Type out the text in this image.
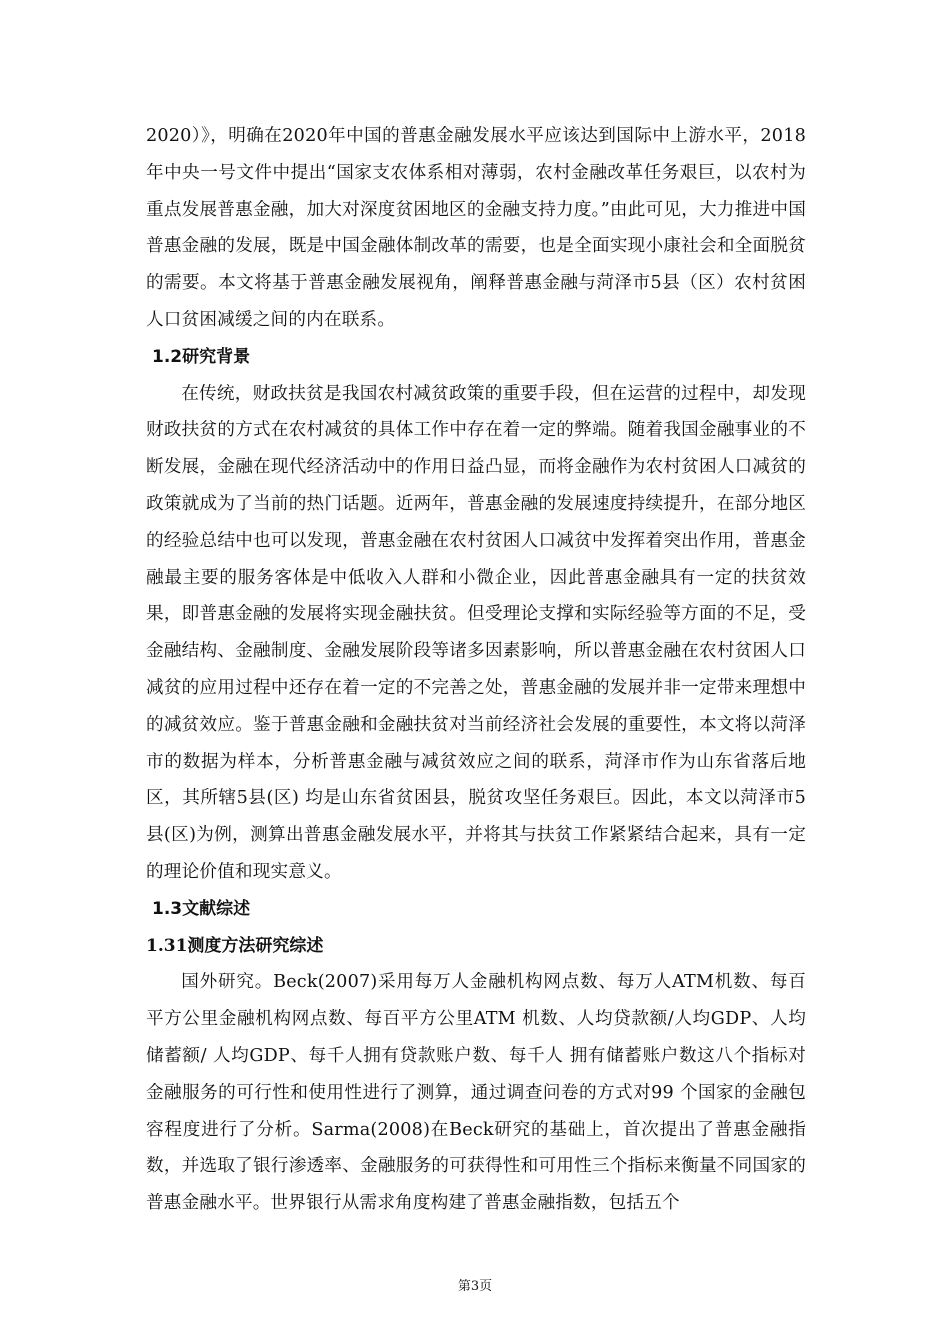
2020）》，明确在2020年中国的普惠金融发展水平应该达到国际中上游水平，2018年中央一号文件中提出“国家支农体系相对薄弱，农村金融改革任务艰巨，以农村为重点发展普惠金融，加大对深度贫困地区的金融支持力度。”由此可见，大力推进中国普惠金融的发展，既是中国金融体制改革的需要，也是全面实现小康社会和全面脱贫的需要。本文将基于普惠金融发展视角，阐释普惠金融与菏泽市5县（区）农村贫困人口贫困减缓之间的内在联系。

1.2研究背景

在传统，财政扶贫是我国农村减贫政策的重要手段，但在运营的过程中，却发现财政扶贫的方式在农村减贫的具体工作中存在着一定的弊端。随着我国金融事业的不断发展，金融在现代经济活动中的作用日益凸显，而将金融作为农村贫困人口减贫的政策就成为了当前的热门话题。近两年，普惠金融的发展速度持续提升，在部分地区的经验总结中也可以发现，普惠金融在农村贫困人口减贫中发挥着突出作用，普惠金融最主要的服务客体是中低收入人群和小微企业，因此普惠金融具有一定的扶贫效果，即普惠金融的发展将实现金融扶贫。但受理论支撑和实际经验等方面的不足，受金融结构、金融制度、金融发展阶段等诸多因素影响，所以普惠金融在农村贫困人口减贫的应用过程中还存在着一定的不完善之处，普惠金融的发展并非一定带来理想中的减贫效应。鉴于普惠金融和金融扶贫对当前经济社会发展的重要性，本文将以菏泽市的数据为样本，分析普惠金融与减贫效应之间的联系，菏泽市作为山东省落后地区，其所辖5县(区) 均是山东省贫困县，脱贫攻坚任务艰巨。因此，本文以菏泽市5县(区)为例，测算出普惠金融发展水平，并将其与扶贫工作紧紧结合起来，具有一定的理论价值和现实意义。

1.3文献综述
1.31测度方法研究综述

国外研究。Beck(2007)采用每万人金融机构网点数、每万人ATM机数、每百平方公里金融机构网点数、每百平方公里ATM 机数、人均贷款额/人均GDP、人均储蓄额/ 人均GDP、每千人拥有贷款账户数、每千人 拥有储蓄账户数这八个指标对金融服务的可行性和使用性进行了测算，通过调查问卷的方式对99 个国家的金融包容程度进行了分析。Sarma(2008)在Beck研究的基础上，首次提出了普惠金融指数，并选取了银行渗透率、金融服务的可获得性和可用性三个指标来衡量不同国家的普惠金融水平。世界银行从需求角度构建了普惠金融指数，包括五个

第3页
